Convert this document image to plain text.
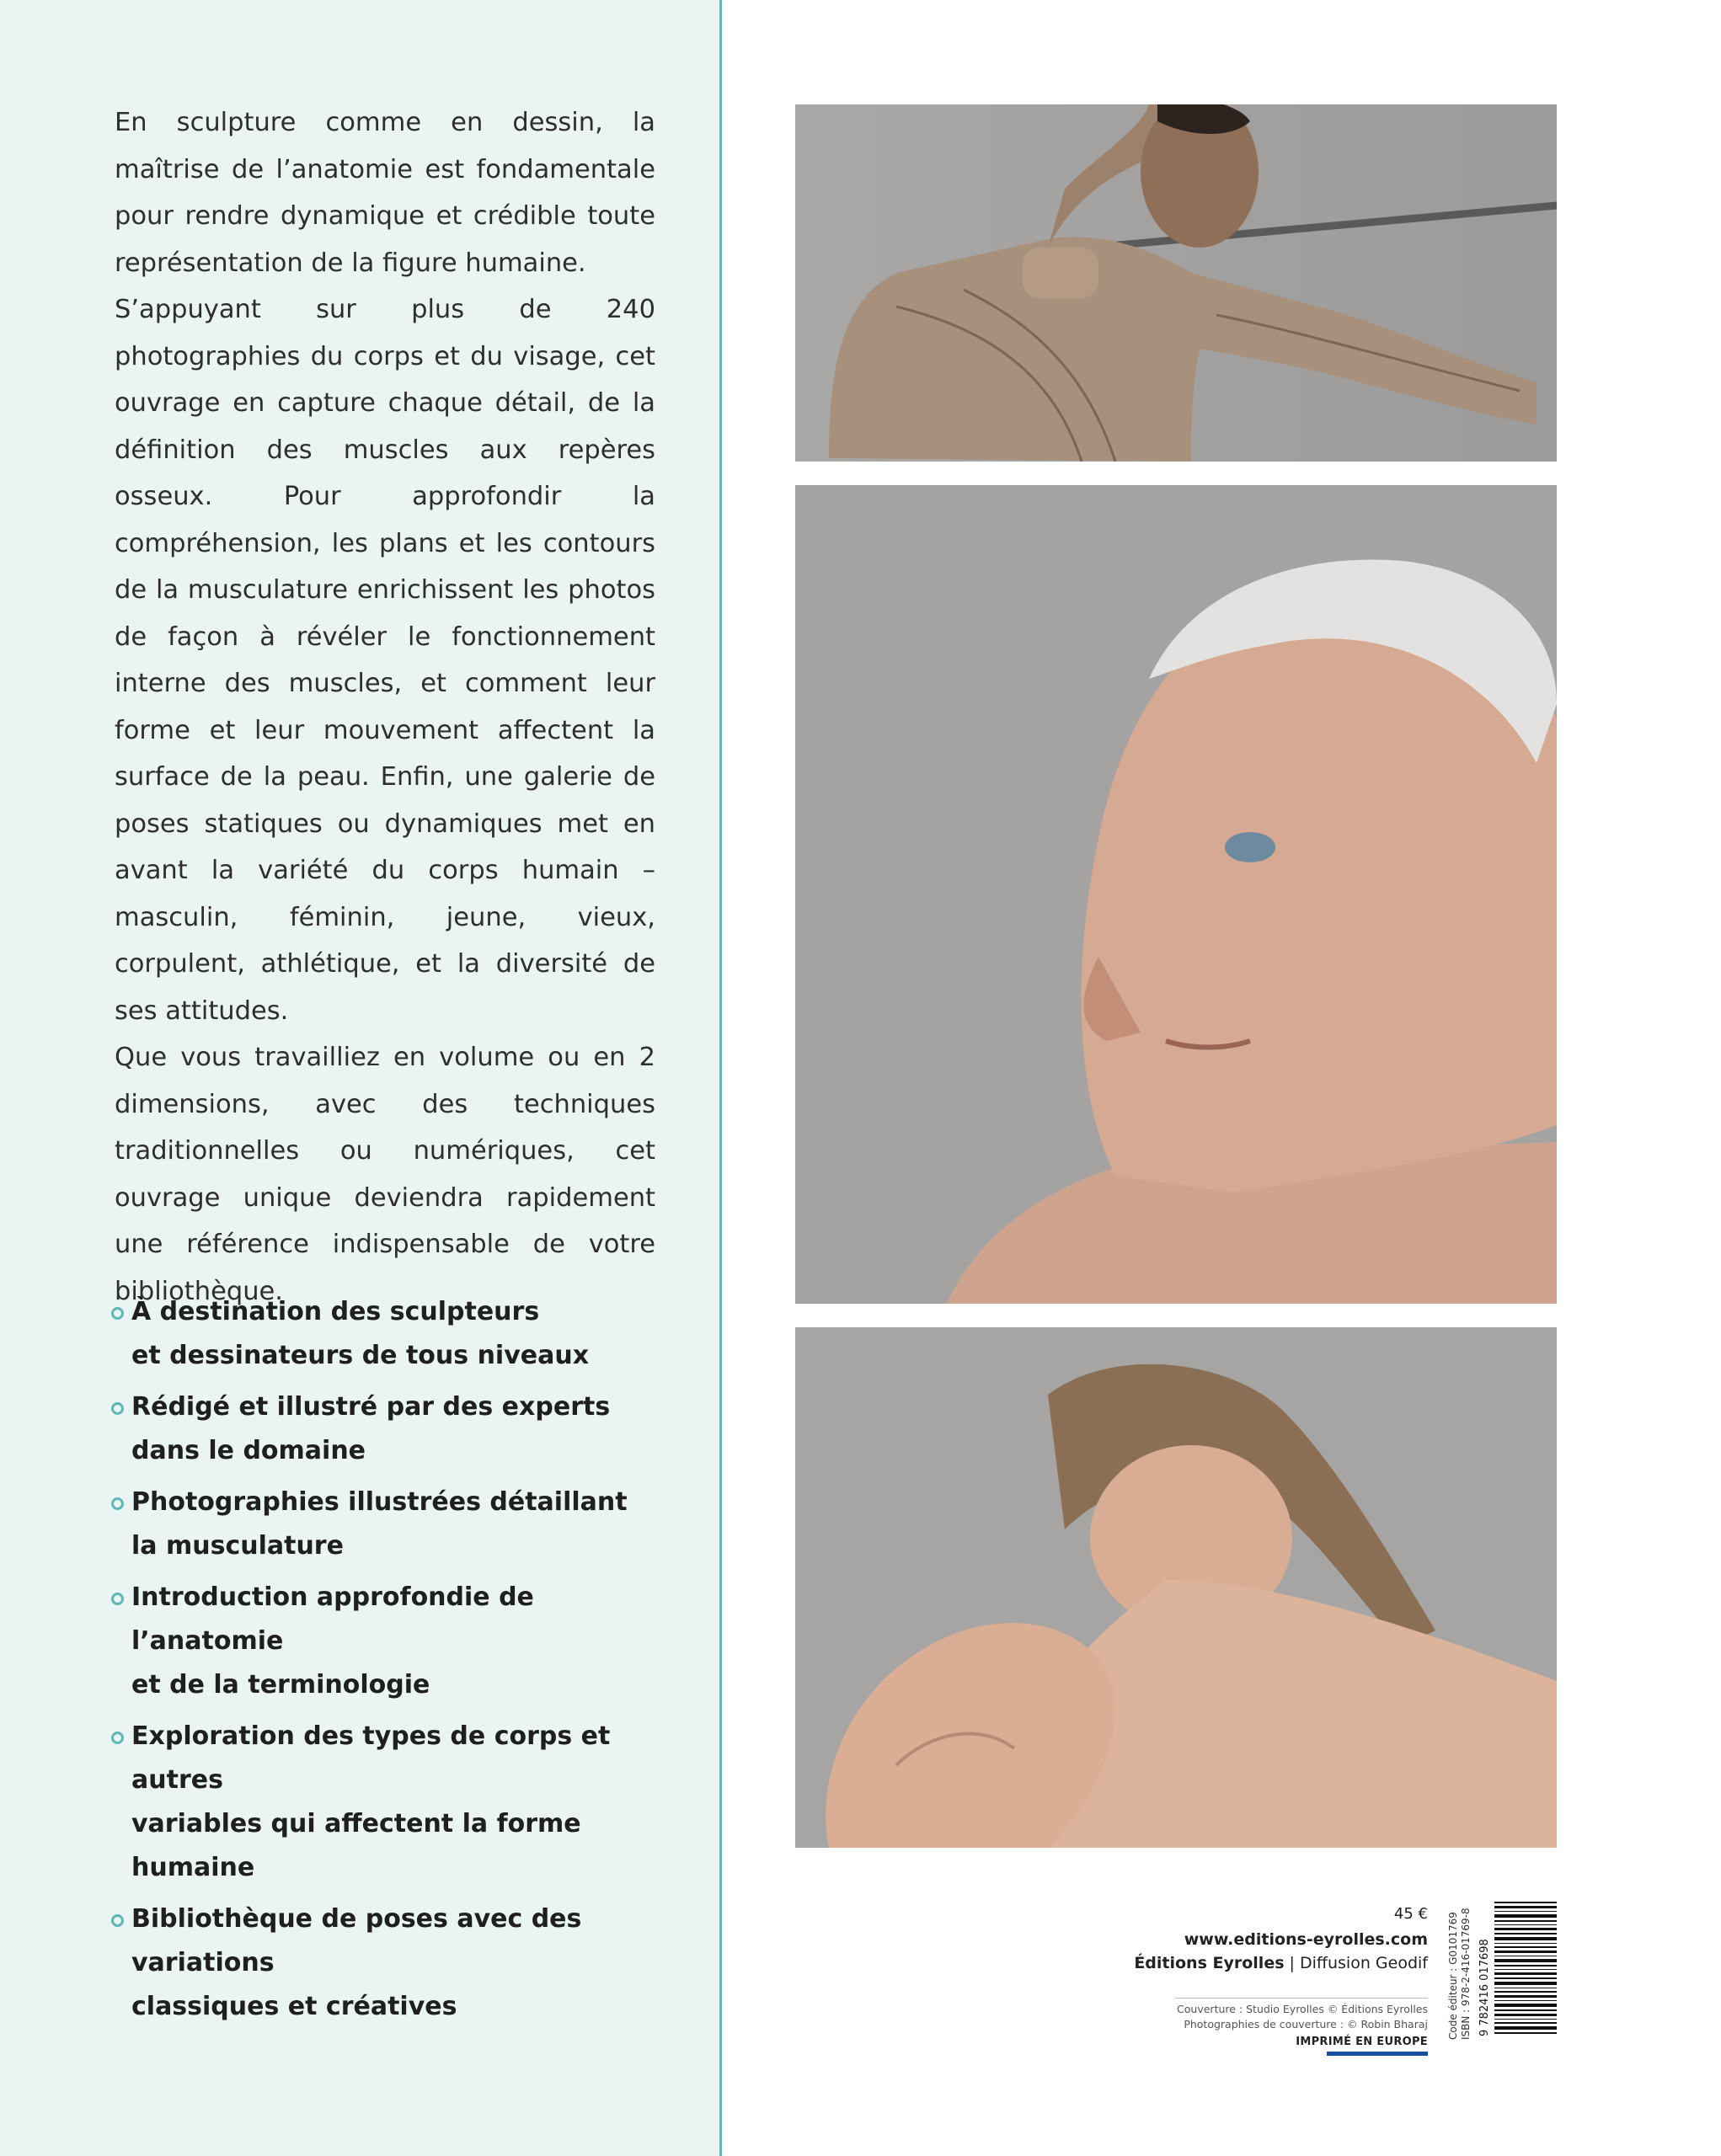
En sculpture comme en dessin, la maîtrise de l’anatomie est fondamentale pour rendre dynamique et crédible toute représentation de la figure humaine.

S’appuyant sur plus de 240 photographies du corps et du visage, cet ouvrage en capture chaque détail, de la définition des muscles aux repères osseux. Pour approfondir la compréhension, les plans et les contours de la musculature enrichissent les photos de façon à révéler le fonctionnement interne des muscles, et comment leur forme et leur mouvement affectent la surface de la peau. Enfin, une galerie de poses statiques ou dynamiques met en avant la variété du corps humain – masculin, féminin, jeune, vieux, corpulent, athlétique, et la diversité de ses attitudes.

Que vous travailliez en volume ou en 2 dimensions, avec des techniques traditionnelles ou numériques, cet ouvrage unique deviendra rapidement une référence indispensable de votre bibliothèque.

À destination des sculpteurs
et dessinateurs de tous niveaux
Rédigé et illustré par des experts
dans le domaine
Photographies illustrées détaillant
la musculature
Introduction approfondie de l’anatomie
et de la terminologie
Exploration des types de corps et autres
variables qui affectent la forme humaine
Bibliothèque de poses avec des variations
classiques et créatives
45 €
www.editions-eyrolles.com
Éditions Eyrolles | Diffusion Geodif
Couverture : Studio Eyrolles © Éditions Eyrolles
Photographies de couverture : © Robin Bharaj
IMPRIMÉ EN EUROPE
Code éditeur : G0101769 ISBN : 978-2-416-01769-8 9 782416 017698
